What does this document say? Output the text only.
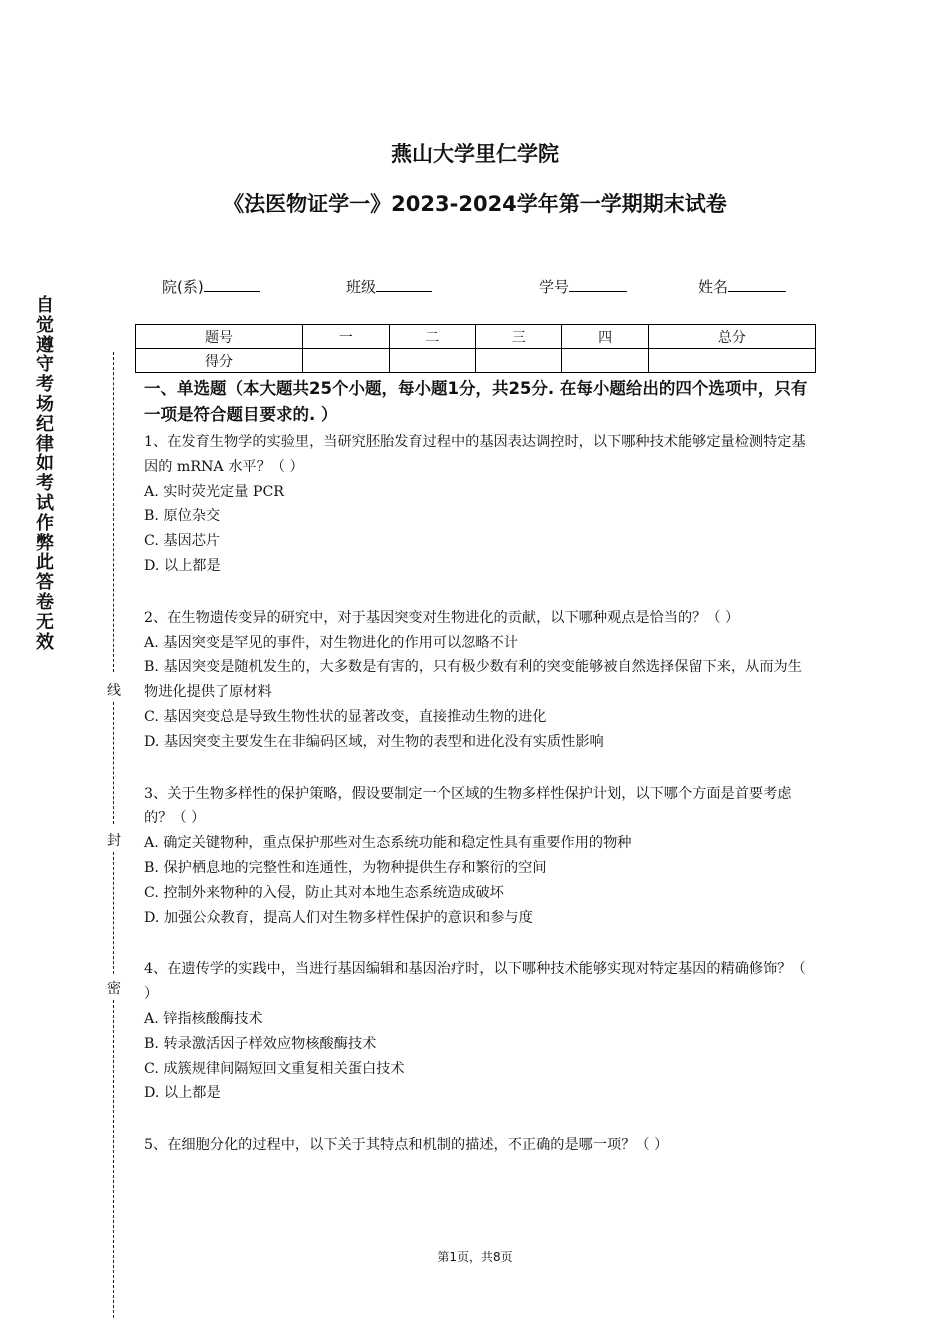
燕山大学里仁学院
《法医物证学一》2023-2024学年第一学期期末试卷
院(系)	班级	学号	姓名
自觉遵守考场纪律如考试作弊此答卷无效
线
封
密
题号	一	二	三	四	总分
得分					
一、单选题（本大题共25个小题，每小题1分，共25分. 在每小题给出的四个选项中，只有一项是符合题目要求的. ）
1、在发育生物学的实验里，当研究胚胎发育过程中的基因表达调控时，以下哪种技术能够定量检测特定基因的 mRNA 水平？（ ）
A. 实时荧光定量 PCR
B. 原位杂交
C. 基因芯片
D. 以上都是
2、在生物遗传变异的研究中，对于基因突变对生物进化的贡献，以下哪种观点是恰当的？（ ）
A. 基因突变是罕见的事件，对生物进化的作用可以忽略不计
B. 基因突变是随机发生的，大多数是有害的，只有极少数有利的突变能够被自然选择保留下来，从而为生物进化提供了原材料
C. 基因突变总是导致生物性状的显著改变，直接推动生物的进化
D. 基因突变主要发生在非编码区域，对生物的表型和进化没有实质性影响
3、关于生物多样性的保护策略，假设要制定一个区域的生物多样性保护计划，以下哪个方面是首要考虑的？（ ）
A. 确定关键物种，重点保护那些对生态系统功能和稳定性具有重要作用的物种
B. 保护栖息地的完整性和连通性，为物种提供生存和繁衍的空间
C. 控制外来物种的入侵，防止其对本地生态系统造成破坏
D. 加强公众教育，提高人们对生物多样性保护的意识和参与度
4、在遗传学的实践中，当进行基因编辑和基因治疗时，以下哪种技术能够实现对特定基因的精确修饰？（ ）
A. 锌指核酸酶技术
B. 转录激活因子样效应物核酸酶技术
C. 成簇规律间隔短回文重复相关蛋白技术
D. 以上都是
5、在细胞分化的过程中，以下关于其特点和机制的描述，不正确的是哪一项？（ ）
第1页，共8页
